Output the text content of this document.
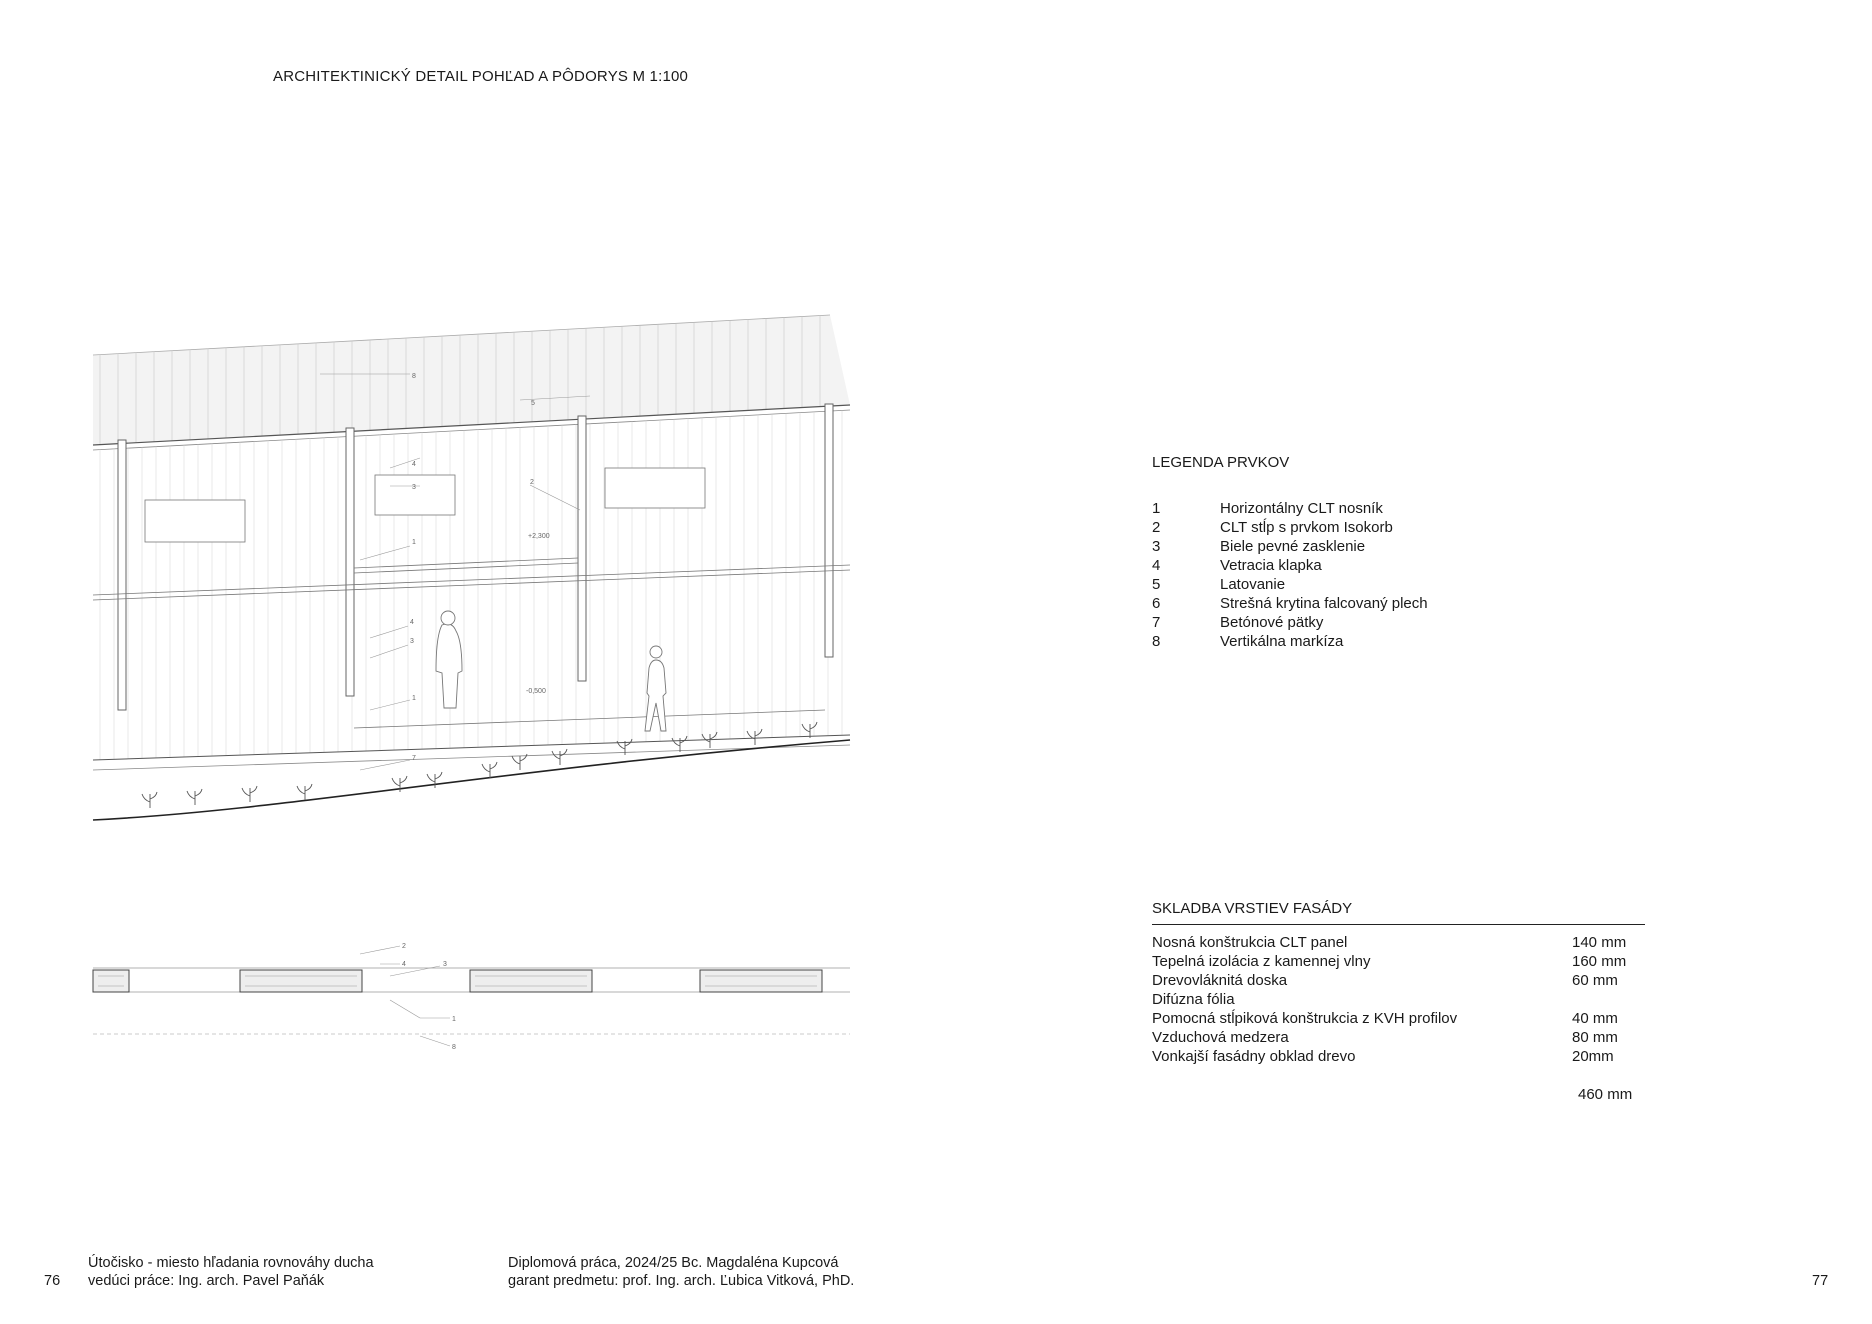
ARCHITEKTINICKÝ DETAIL POHĽAD A PÔDORYS M 1:100
8
5
4
3
2
1
4
3
1
7
+2,300
-0,500
2
4	3
1
8
LEGENDA PRVKOV
1	Horizontálny CLT nosník
2	CLT stĺp s prvkom Isokorb
3	Biele pevné zasklenie
4	Vetracia klapka
5	Latovanie
6	Strešná krytina falcovaný plech
7	Betónové pätky
8	Vertikálna markíza
SKLADBA VRSTIEV FASÁDY
Nosná konštrukcia CLT panel	140 mm
Tepelná izolácia z kamennej vlny	160 mm
Drevovláknitá doska	60 mm
Difúzna fólia
Pomocná stĺpiková konštrukcia z KVH profilov	40 mm
Vzduchová medzera	80 mm
Vonkajší fasádny obklad drevo	20mm
460 mm
76
Útočisko - miesto hľadania rovnováhy ducha
vedúci práce: Ing. arch. Pavel Paňák
Diplomová práca, 2024/25 Bc. Magdaléna Kupcová
garant predmetu: prof. Ing. arch. Ľubica Vitková, PhD.	77
